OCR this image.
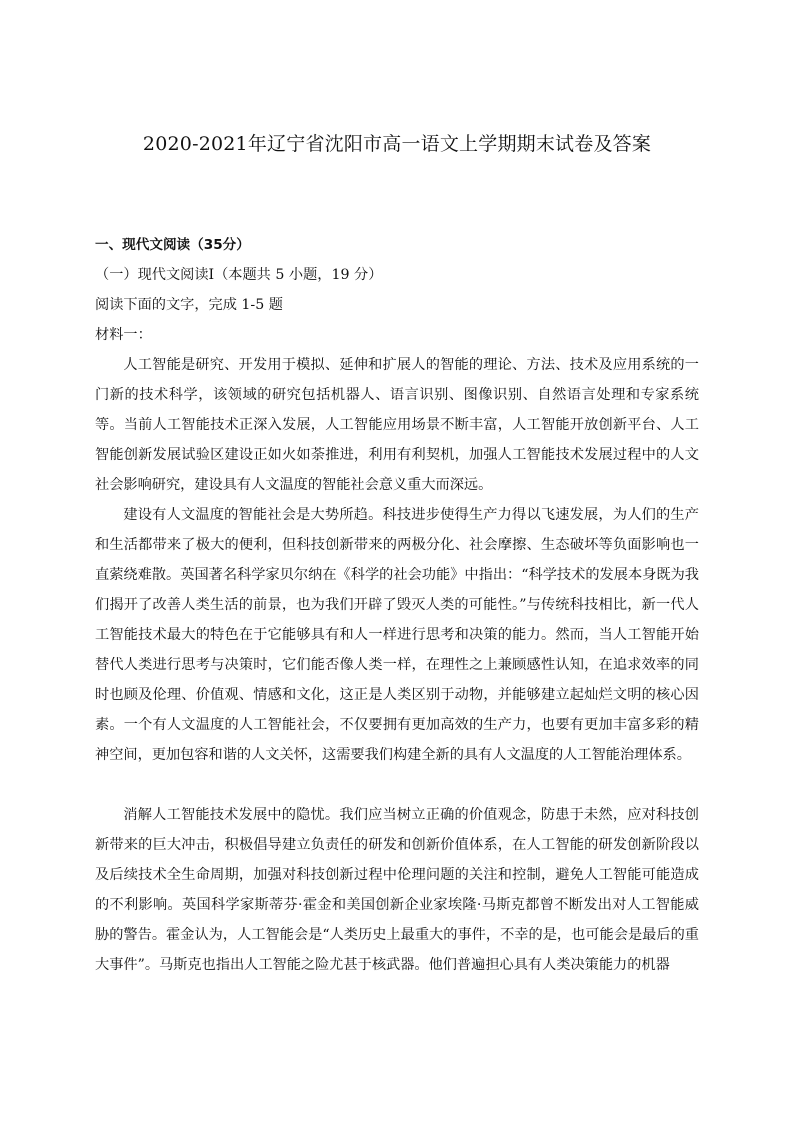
2020-2021年辽宁省沈阳市高一语文上学期期末试卷及答案

一、现代文阅读（35分）

（一）现代文阅读Ⅰ（本题共 5 小题，19 分）

阅读下面的文字，完成 1-5 题

材料一：

人工智能是研究、开发用于模拟、延伸和扩展人的智能的理论、方法、技术及应用系统的一门新的技术科学，该领域的研究包括机器人、语言识别、图像识别、自然语言处理和专家系统等。当前人工智能技术正深入发展，人工智能应用场景不断丰富，人工智能开放创新平台、人工智能创新发展试验区建设正如火如荼推进，利用有利契机，加强人工智能技术发展过程中的人文社会影响研究，建设具有人文温度的智能社会意义重大而深远。

建设有人文温度的智能社会是大势所趋。科技进步使得生产力得以飞速发展，为人们的生产和生活都带来了极大的便利，但科技创新带来的两极分化、社会摩擦、生态破坏等负面影响也一直萦绕难散。英国著名科学家贝尔纳在《科学的社会功能》中指出：“科学技术的发展本身既为我们揭开了改善人类生活的前景，也为我们开辟了毁灭人类的可能性。”与传统科技相比，新一代人工智能技术最大的特色在于它能够具有和人一样进行思考和决策的能力。然而，当人工智能开始替代人类进行思考与决策时，它们能否像人类一样，在理性之上兼顾感性认知，在追求效率的同时也顾及伦理、价值观、情感和文化，这正是人类区别于动物，并能够建立起灿烂文明的核心因素。一个有人文温度的人工智能社会，不仅要拥有更加高效的生产力，也要有更加丰富多彩的精神空间，更加包容和谐的人文关怀，这需要我们构建全新的具有人文温度的人工智能治理体系。

消解人工智能技术发展中的隐忧。我们应当树立正确的价值观念，防患于未然，应对科技创新带来的巨大冲击，积极倡导建立负责任的研发和创新价值体系，在人工智能的研发创新阶段以及后续技术全生命周期，加强对科技创新过程中伦理问题的关注和控制，避免人工智能可能造成的不利影响。英国科学家斯蒂芬·霍金和美国创新企业家埃隆·马斯克都曾不断发出对人工智能威胁的警告。霍金认为，人工智能会是“人类历史上最重大的事件，不幸的是，也可能会是最后的重大事件”。马斯克也指出人工智能之险尤甚于核武器。他们普遍担心具有人类决策能力的机器
